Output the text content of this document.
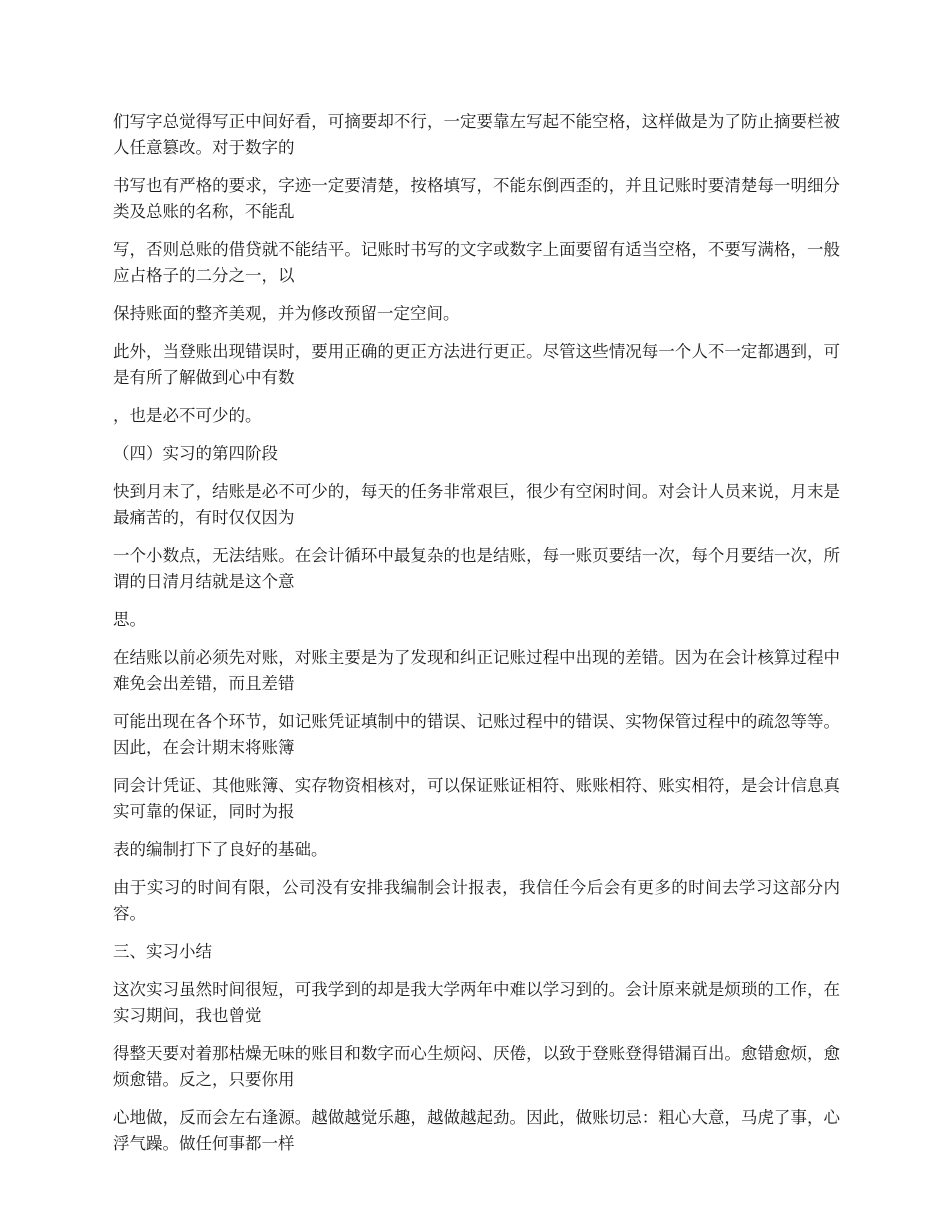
们写字总觉得写正中间好看，可摘要却不行，一定要靠左写起不能空格，这样做是为了防止摘要栏被人任意篡改。对于数字的

书写也有严格的要求，字迹一定要清楚，按格填写，不能东倒西歪的，并且记账时要清楚每一明细分类及总账的名称，不能乱

写，否则总账的借贷就不能结平。记账时书写的文字或数字上面要留有适当空格，不要写满格，一般应占格子的二分之一，以

保持账面的整齐美观，并为修改预留一定空间。

此外，当登账出现错误时，要用正确的更正方法进行更正。尽管这些情况每一个人不一定都遇到，可是有所了解做到心中有数

，也是必不可少的。

（四）实习的第四阶段

快到月末了，结账是必不可少的，每天的任务非常艰巨，很少有空闲时间。对会计人员来说，月末是最痛苦的，有时仅仅因为

一个小数点，无法结账。在会计循环中最复杂的也是结账，每一账页要结一次，每个月要结一次，所谓的日清月结就是这个意

思。

在结账以前必须先对账，对账主要是为了发现和纠正记账过程中出现的差错。因为在会计核算过程中难免会出差错，而且差错

可能出现在各个环节，如记账凭证填制中的错误、记账过程中的错误、实物保管过程中的疏忽等等。因此，在会计期末将账簿

同会计凭证、其他账簿、实存物资相核对，可以保证账证相符、账账相符、账实相符，是会计信息真实可靠的保证，同时为报

表的编制打下了良好的基础。

由于实习的时间有限，公司没有安排我编制会计报表，我信任今后会有更多的时间去学习这部分内容。

三、实习小结

这次实习虽然时间很短，可我学到的却是我大学两年中难以学习到的。会计原来就是烦琐的工作，在实习期间，我也曾觉

得整天要对着那枯燥无味的账目和数字而心生烦闷、厌倦，以致于登账登得错漏百出。愈错愈烦，愈烦愈错。反之，只要你用

心地做，反而会左右逢源。越做越觉乐趣，越做越起劲。因此，做账切忌：粗心大意，马虎了事，心浮气躁。做任何事都一样
